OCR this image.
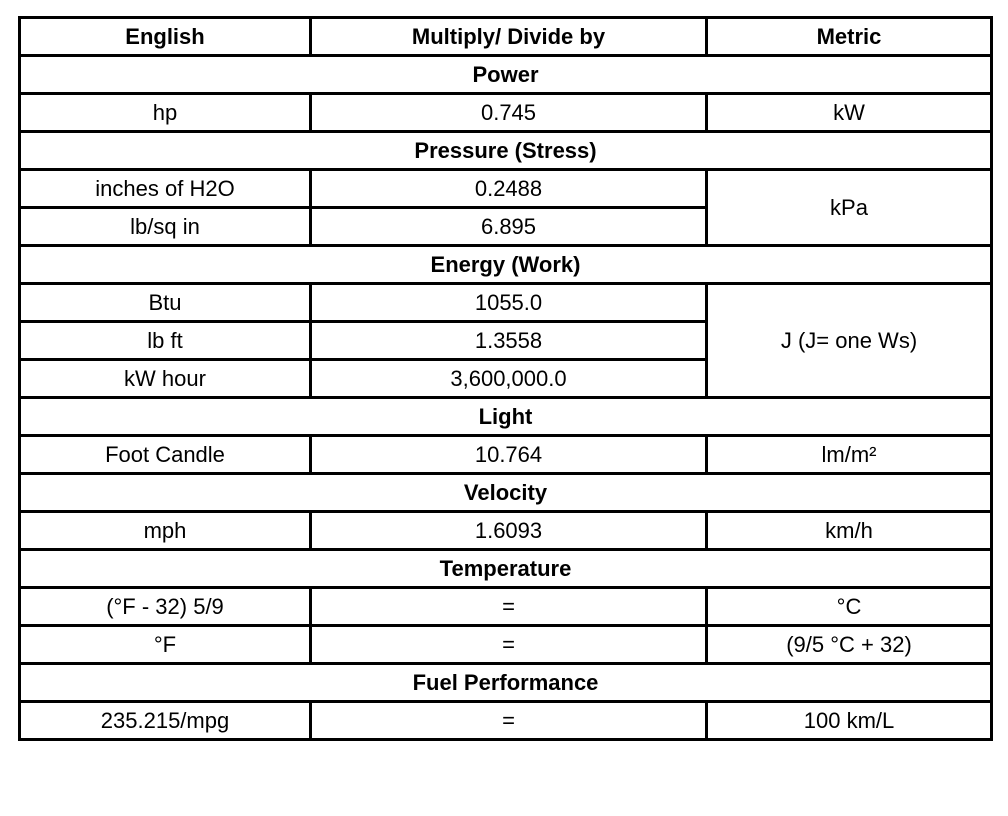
English	Multiply/ Divide by	Metric
Power		
hp	0.745	kW
Pressure (Stress)		
inches of H2O	0.2488	kPa
lb/sq in	6.895	
Energy (Work)		
Btu	1055.0	J (J= one Ws)
lb ft	1.3558	
kW hour	3,600,000.0	
Light		
Foot Candle	10.764	lm/m²
Velocity		
mph	1.6093	km/h
Temperature		
(°F - 32) 5/9	=	°C
°F	=	(9/5 °C + 32)
Fuel Performance		
235.215/mpg	=	100 km/L
